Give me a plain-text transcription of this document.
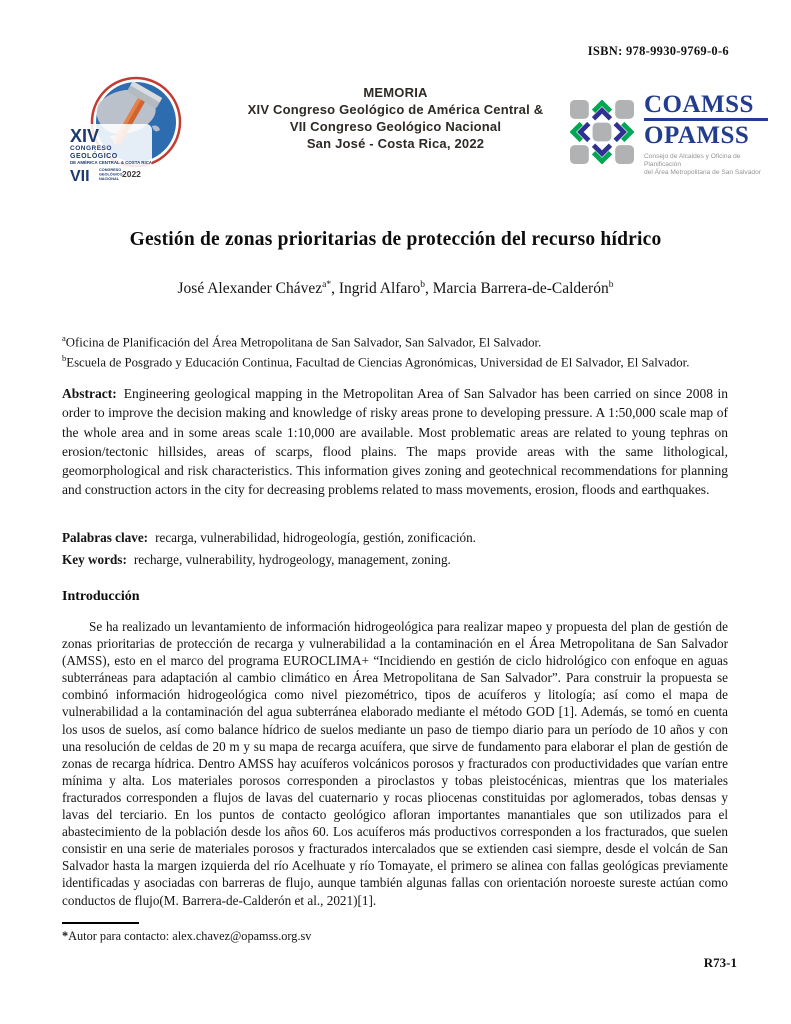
ISBN: 978-9930-9769-0-6
XIV
CONGRESO
GEOLÓGICO
DE AMÉRICA CENTRAL & COSTA RICA
VII CONGRESO
GEOLÓGICO
NACIONAL 2022
MEMORIA
XIV Congreso Geológico de América Central &
VII Congreso Geológico Nacional
San José - Costa Rica, 2022
COAMSS
OPAMSS
Consejo de Alcaldes y Oficina de Planificación
del Área Metropolitana de San Salvador
Gestión de zonas prioritarias de protección del recurso hídrico
José Alexander Chávez$^{a*}$, Ingrid Alfaro$^b$, Marcia Barrera-de-Calderón$^b$
$^a$Oficina de Planificación del Área Metropolitana de San Salvador, San Salvador, El Salvador.
$^b$Escuela de Posgrado y Educación Continua, Facultad de Ciencias Agronómicas, Universidad de El Salvador, El Salvador.

Abstract: Engineering geological mapping in the Metropolitan Area of San Salvador has been carried on since 2008 in order to improve the decision making and knowledge of risky areas prone to developing pressure. A 1:50,000 scale map of the whole area and in some areas scale 1:10,000 are available. Most problematic areas are related to young tephras on erosion/tectonic hillsides, areas of scarps, flood plains. The maps provide areas with the same lithological, geomorphological and risk characteristics. This information gives zoning and geotechnical recommendations for planning and construction actors in the city for decreasing problems related to mass movements, erosion, floods and earthquakes.

Palabras clave: recarga, vulnerabilidad, hidrogeología, gestión, zonificación.
Key words: recharge, vulnerability, hydrogeology, management, zoning.
Introducción

Se ha realizado un levantamiento de información hidrogeológica para realizar mapeo y propuesta del plan de gestión de zonas prioritarias de protección de recarga y vulnerabilidad a la contaminación en el Área Metropolitana de San Salvador (AMSS), esto en el marco del programa EUROCLIMA+ “Incidiendo en gestión de ciclo hidrológico con enfoque en aguas subterráneas para adaptación al cambio climático en Área Metropolitana de San Salvador”. Para construir la propuesta se combinó información hidrogeológica como nivel piezométrico, tipos de acuíferos y litología; así como el mapa de vulnerabilidad a la contaminación del agua subterránea elaborado mediante el método GOD [1]. Además, se tomó en cuenta los usos de suelos, así como balance hídrico de suelos mediante un paso de tiempo diario para un período de 10 años y con una resolución de celdas de 20 m y su mapa de recarga acuífera, que sirve de fundamento para elaborar el plan de gestión de zonas de recarga hídrica. Dentro AMSS hay acuíferos volcánicos porosos y fracturados con productividades que varían entre mínima y alta. Los materiales porosos corresponden a piroclastos y tobas pleistocénicas, mientras que los materiales fracturados corresponden a flujos de lavas del cuaternario y rocas pliocenas constituidas por aglomerados, tobas densas y lavas del terciario. En los puntos de contacto geológico afloran importantes manantiales que son utilizados para el abastecimiento de la población desde los años 60. Los acuíferos más productivos corresponden a los fracturados, que suelen consistir en una serie de materiales porosos y fracturados intercalados que se extienden casi siempre, desde el volcán de San Salvador hasta la margen izquierda del río Acelhuate y río Tomayate, el primero se alinea con fallas geológicas previamente identificadas y asociadas con barreras de flujo, aunque también algunas fallas con orientación noroeste sureste actúan como conductos de flujo(M. Barrera-de-Calderón et al., 2021)[1].

*Autor para contacto: alex.chavez@opamss.org.sv
R73-1
